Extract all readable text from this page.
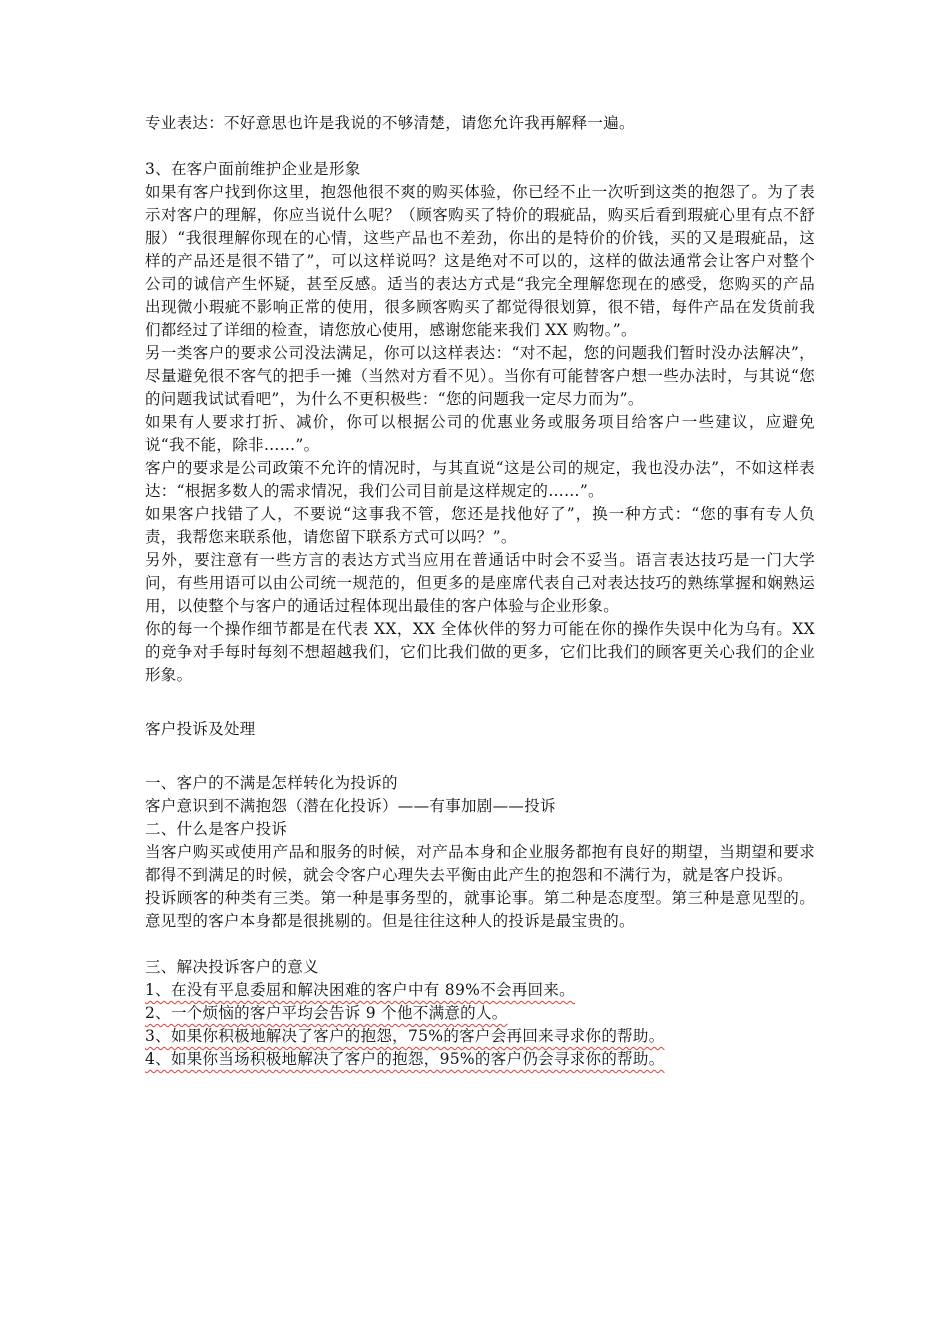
专业表达：不好意思也许是我说的不够清楚，请您允许我再解释一遍。

3、在客户面前维护企业是形象

如果有客户找到你这里，抱怨他很不爽的购买体验，你已经不止一次听到这类的抱怨了。为了表示对客户的理解，你应当说什么呢？（顾客购买了特价的瑕疵品，购买后看到瑕疵心里有点不舒服）“我很理解你现在的心情，这些产品也不差劲，你出的是特价的价钱，买的又是瑕疵品，这样的产品还是很不错了”，可以这样说吗？这是绝对不可以的，这样的做法通常会让客户对整个公司的诚信产生怀疑，甚至反感。适当的表达方式是“我完全理解您现在的感受，您购买的产品出现微小瑕疵不影响正常的使用，很多顾客购买了都觉得很划算，很不错，每件产品在发货前我们都经过了详细的检查，请您放心使用，感谢您能来我们 XX 购物。”。

另一类客户的要求公司没法满足，你可以这样表达：“对不起，您的问题我们暂时没办法解决”，尽量避免很不客气的把手一摊（当然对方看不见）。当你有可能替客户想一些办法时，与其说“您的问题我试试看吧”，为什么不更积极些：“您的问题我一定尽力而为”。

如果有人要求打折、减价，你可以根据公司的优惠业务或服务项目给客户一些建议，应避免说“我不能，除非……”。

客户的要求是公司政策不允许的情况时，与其直说“这是公司的规定，我也没办法”，不如这样表达：“根据多数人的需求情况，我们公司目前是这样规定的……”。

如果客户找错了人，不要说“这事我不管，您还是找他好了”，换一种方式：“您的事有专人负责，我帮您来联系他，请您留下联系方式可以吗？”。

另外，要注意有一些方言的表达方式当应用在普通话中时会不妥当。语言表达技巧是一门大学问，有些用语可以由公司统一规范的，但更多的是座席代表自己对表达技巧的熟练掌握和娴熟运用，以使整个与客户的通话过程体现出最佳的客户体验与企业形象。

你的每一个操作细节都是在代表 XX，XX 全体伙伴的努力可能在你的操作失误中化为乌有。XX 的竞争对手每时每刻不想超越我们，它们比我们做的更多，它们比我们的顾客更关心我们的企业形象。

客户投诉及处理

一、客户的不满是怎样转化为投诉的

客户意识到不满抱怨（潜在化投诉）——有事加剧——投诉

二、什么是客户投诉

当客户购买或使用产品和服务的时候，对产品本身和企业服务都抱有良好的期望，当期望和要求都得不到满足的时候，就会令客户心理失去平衡由此产生的抱怨和不满行为，就是客户投诉。

投诉顾客的种类有三类。第一种是事务型的，就事论事。第二种是态度型。第三种是意见型的。意见型的客户本身都是很挑剔的。但是往往这种人的投诉是最宝贵的。

三、解决投诉客户的意义

1、在没有平息委屈和解决困难的客户中有 89%不会再回来。

2、一个烦恼的客户平均会告诉 9 个他不满意的人。

3、如果你积极地解决了客户的抱怨，75%的客户会再回来寻求你的帮助。

4、如果你当场积极地解决了客户的抱怨，95%的客户仍会寻求你的帮助。
